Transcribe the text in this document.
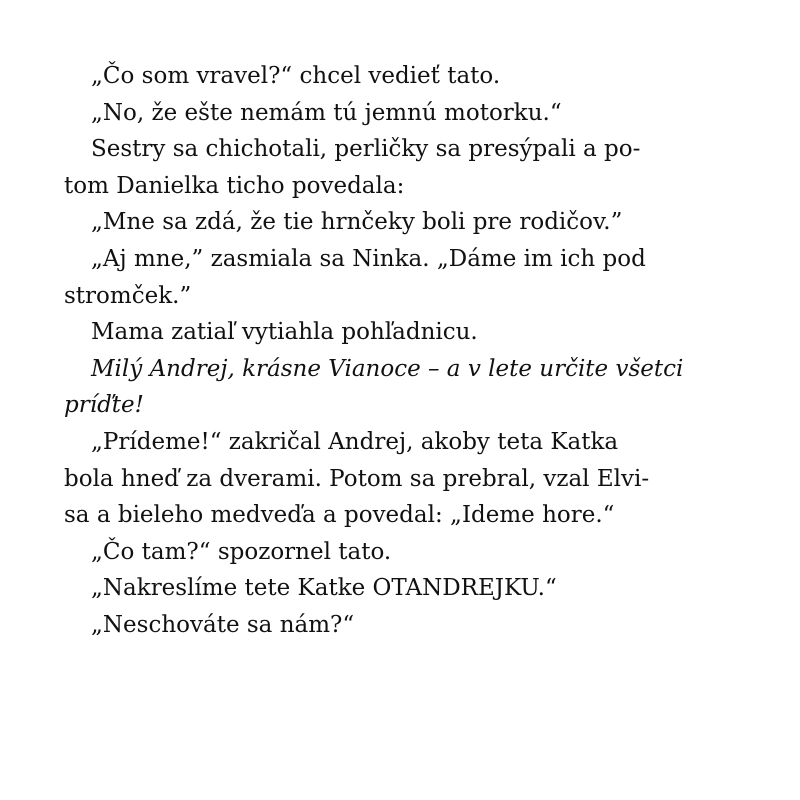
„Čo som vravel?“ chcel vedieť tato.
„No, že ešte nemám tú jemnú motorku.“
Sestry sa chichotali, perličky sa presýpali a po-
tom Danielka ticho povedala:
„Mne sa zdá, že tie hrnčeky boli pre rodičov.”
„Aj mne,” zasmiala sa Ninka. „Dáme im ich pod
stromček.”
Mama zatiaľ vytiahla pohľadnicu.
Milý Andrej, krásne Vianoce – a v lete určite všetci
príďte!
„Prídeme!“ zakričal Andrej, akoby teta Katka
bola hneď za dverami. Potom sa prebral, vzal Elvi-
sa a bieleho medveďa a povedal: „Ideme hore.“
„Čo tam?“ spozornel tato.
„Nakreslíme tete Katke OTANDREJKU.“
„Neschováte sa nám?“
